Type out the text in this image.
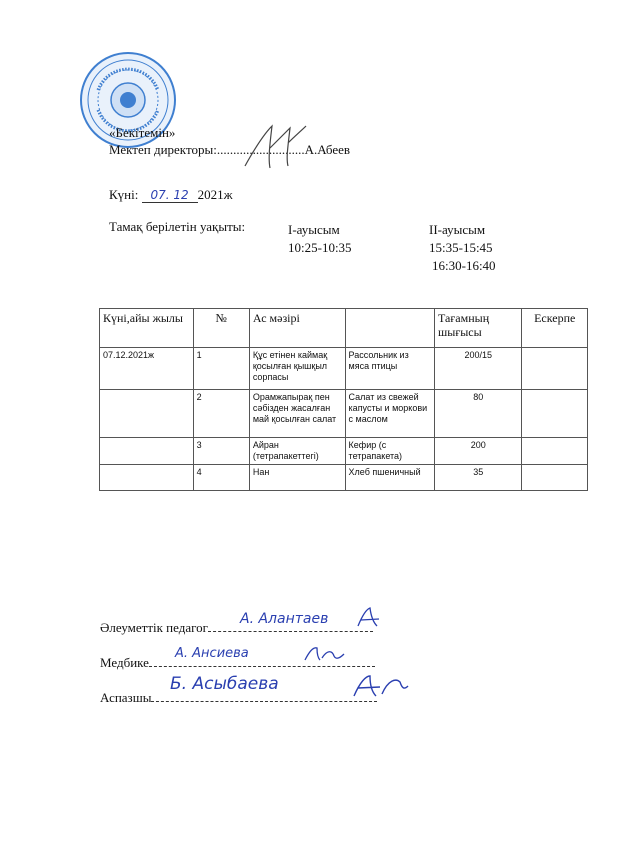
«Бекітемін»
Мектеп директоры:...........................А.Абеев
Күні: 07. 12 2021ж
Тамақ берілетін уақыты:	I-ауысым
10:25-10:35
II-ауысым
15:35-15:45
16:30-16:40
Күні,айы жылы	№	Ас мәзірі		Тағамның шығысы	Ескерпе
07.12.2021ж	1	Құс етінен каймақ қосылған қышқыл сорпасы	Рассольник из мяса птицы	200/15	
	2	Орамжапырақ пен сәбізден жасалған май қосылған салат	Салат из свежей капусты и моркови с маслом	80	
	3	Айран (тетрапакеттегі)	Кефир (с тетрапакета)	200	
	4	Нан	Хлеб пшеничный	35	
Әлеуметтік педагог
А. Алантаев
Медбике
А. Ансиева
Аспазшы
Б. Асыбаева
